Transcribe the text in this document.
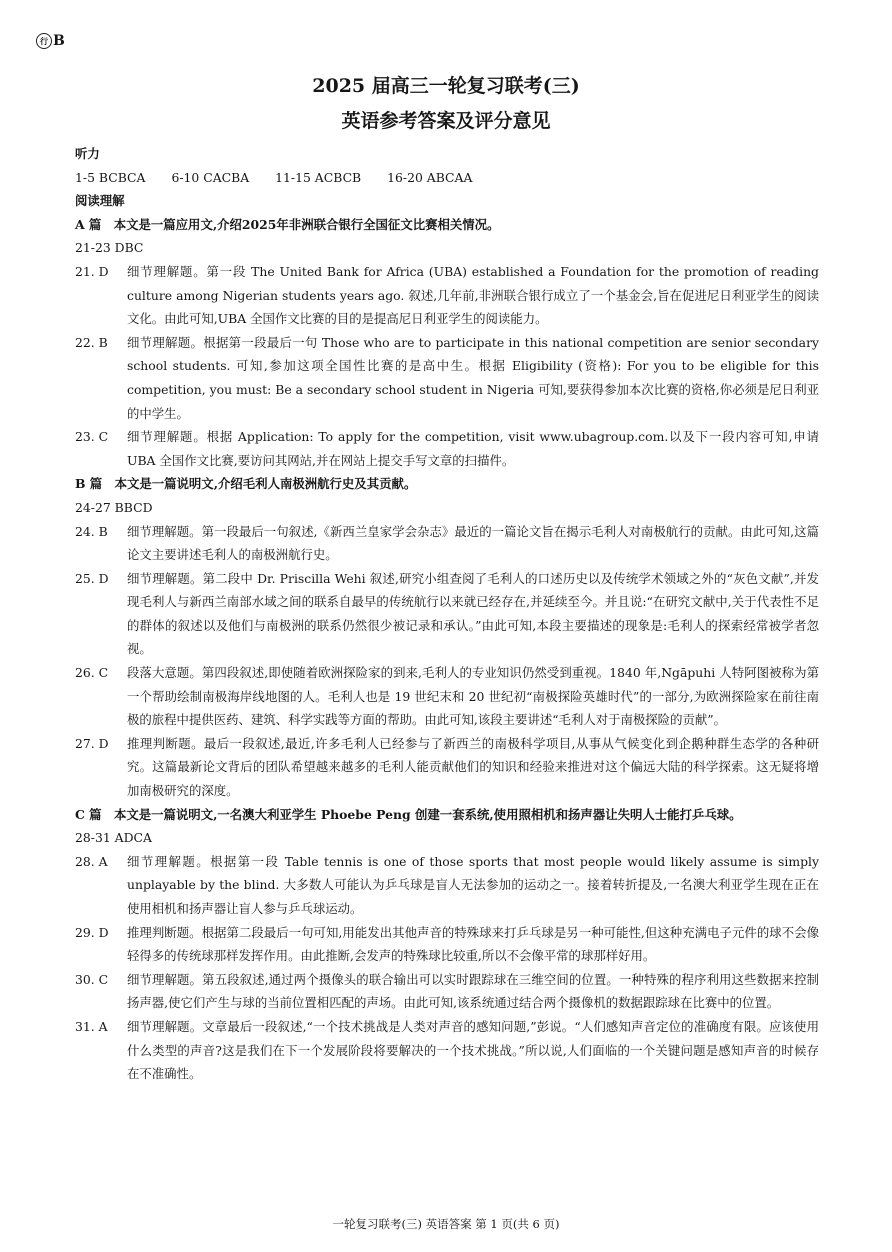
行 B
2025 届高三一轮复习联考(三)
英语参考答案及评分意见
听力
1-5 BCBCA 6-10 CACBA 11-15 ACBCB 16-20 ABCAA
阅读理解
A 篇　本文是一篇应用文,介绍2025年非洲联合银行全国征文比赛相关情况。
21-23 DBC
21. D	细节理解题。第一段 The United Bank for Africa (UBA) established a Foundation for the promotion of reading culture among Nigerian students years ago. 叙述,几年前,非洲联合银行成立了一个基金会,旨在促进尼日利亚学生的阅读文化。由此可知,UBA 全国作文比赛的目的是提高尼日利亚学生的阅读能力。
22. B	细节理解题。根据第一段最后一句 Those who are to participate in this national competition are senior secondary school students. 可知,参加这项全国性比赛的是高中生。根据 Eligibility (资格): For you to be eligible for this competition, you must: Be a secondary school student in Nigeria 可知,要获得参加本次比赛的资格,你必须是尼日利亚的中学生。
23. C	细节理解题。根据 Application: To apply for the competition, visit www.ubagroup.com.以及下一段内容可知,申请 UBA 全国作文比赛,要访问其网站,并在网站上提交手写文章的扫描件。
B 篇　本文是一篇说明文,介绍毛利人南极洲航行史及其贡献。
24-27 BBCD
24. B	细节理解题。第一段最后一句叙述,《新西兰皇家学会杂志》最近的一篇论文旨在揭示毛利人对南极航行的贡献。由此可知,这篇论文主要讲述毛利人的南极洲航行史。
25. D	细节理解题。第二段中 Dr. Priscilla Wehi 叙述,研究小组查阅了毛利人的口述历史以及传统学术领域之外的“灰色文献”,并发现毛利人与新西兰南部水域之间的联系自最早的传统航行以来就已经存在,并延续至今。并且说:“在研究文献中,关于代表性不足的群体的叙述以及他们与南极洲的联系仍然很少被记录和承认。”由此可知,本段主要描述的现象是:毛利人的探索经常被学者忽视。
26. C	段落大意题。第四段叙述,即使随着欧洲探险家的到来,毛利人的专业知识仍然受到重视。1840 年,Ngāpuhi 人特阿图被称为第一个帮助绘制南极海岸线地图的人。毛利人也是 19 世纪末和 20 世纪初“南极探险英雄时代”的一部分,为欧洲探险家在前往南极的旅程中提供医药、建筑、科学实践等方面的帮助。由此可知,该段主要讲述“毛利人对于南极探险的贡献”。
27. D	推理判断题。最后一段叙述,最近,许多毛利人已经参与了新西兰的南极科学项目,从事从气候变化到企鹅种群生态学的各种研究。这篇最新论文背后的团队希望越来越多的毛利人能贡献他们的知识和经验来推进对这个偏远大陆的科学探索。这无疑将增加南极研究的深度。
C 篇　本文是一篇说明文,一名澳大利亚学生 Phoebe Peng 创建一套系统,使用照相机和扬声器让失明人士能打乒乓球。
28-31 ADCA
28. A	细节理解题。根据第一段 Table tennis is one of those sports that most people would likely assume is simply unplayable by the blind. 大多数人可能认为乒乓球是盲人无法参加的运动之一。接着转折提及,一名澳大利亚学生现在正在使用相机和扬声器让盲人参与乒乓球运动。
29. D	推理判断题。根据第二段最后一句可知,用能发出其他声音的特殊球来打乒乓球是另一种可能性,但这种充满电子元件的球不会像轻得多的传统球那样发挥作用。由此推断,会发声的特殊球比较重,所以不会像平常的球那样好用。
30. C	细节理解题。第五段叙述,通过两个摄像头的联合输出可以实时跟踪球在三维空间的位置。一种特殊的程序利用这些数据来控制扬声器,使它们产生与球的当前位置相匹配的声场。由此可知,该系统通过结合两个摄像机的数据跟踪球在比赛中的位置。
31. A	细节理解题。文章最后一段叙述,“一个技术挑战是人类对声音的感知问题,”彭说。“人们感知声音定位的准确度有限。应该使用什么类型的声音?这是我们在下一个发展阶段将要解决的一个技术挑战。”所以说,人们面临的一个关键问题是感知声音的时候存在不准确性。
一轮复习联考(三) 英语答案 第 1 页(共 6 页)
